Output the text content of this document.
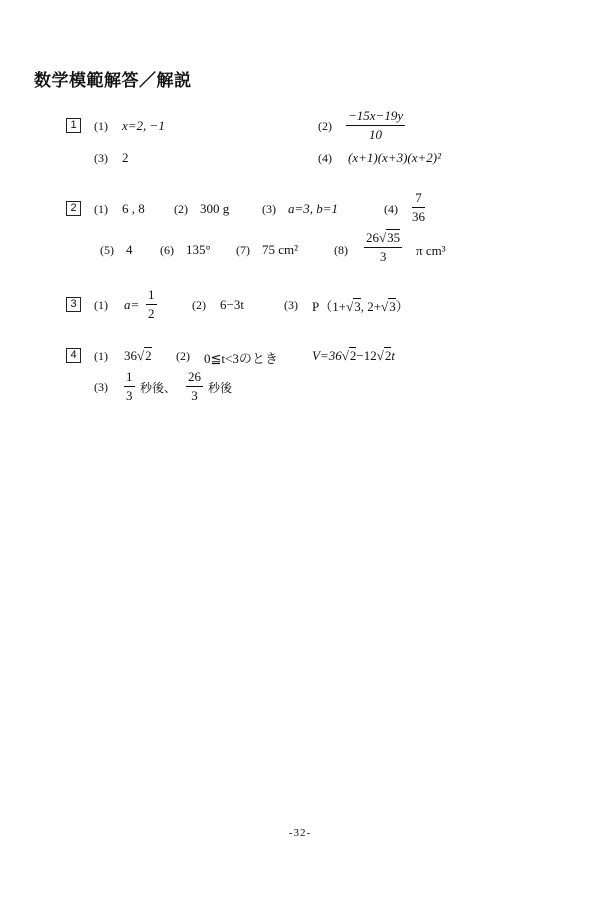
数学模範解答／解説
1	(1) x=2, −1	$(2) \frac{-15x-19y}{10}$
(3) 2	(4) (x+1)(x+3)(x+2)²
2	(1) 6 , 8 (2) 300 g	(3) a=3, b=1	$(4) \frac{7}{36}$
(5) 4 (6) 135° (7) 75 cm²	$(8) \frac{26√35}{3}$ π cm³
3	(1) $a= \frac{1}{2}$	(2) 6−3t	(3) P（1+√3, 2+√3）
4	(1) 36√2 (2) 0≦t<3のとき	V=36√2−12√2t
$(3) \frac{1}{3}$ 秒後、 $\frac{26}{3}$ 秒後
-32-
